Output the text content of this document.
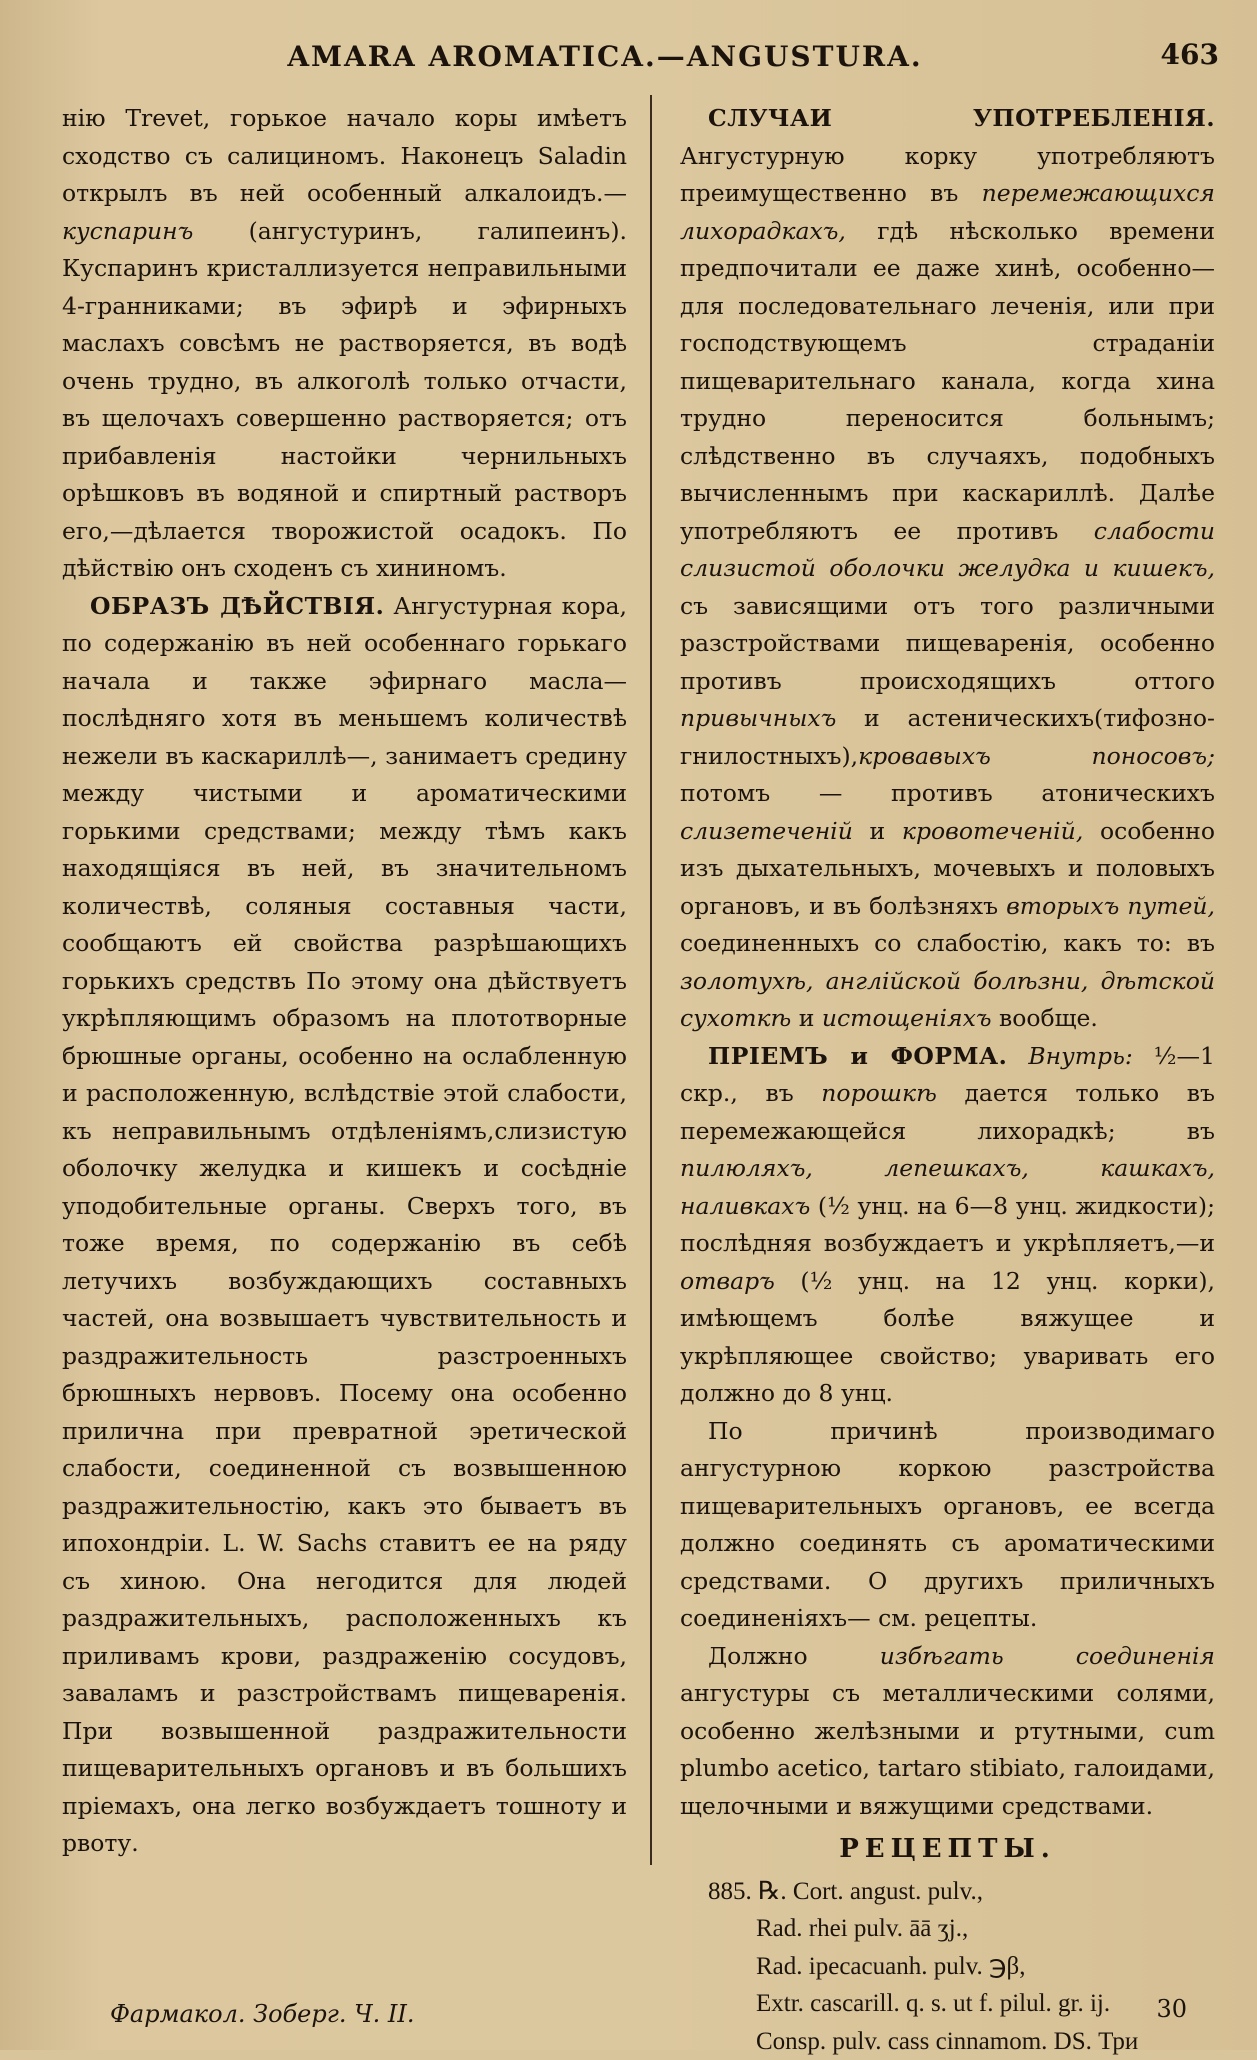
AMARA AROMATICA.—ANGUSTURA.	463

нію Trevet, горькое начало коры имѣетъ сходство съ салициномъ. Наконецъ Saladin открылъ въ ней особенный алкалоидъ.—куспаринъ (ангустуринъ, галипеинъ). Куспаринъ кристаллизуется неправильными 4-гранниками; въ эфирѣ и эфирныхъ маслахъ совсѣмъ не растворяется, въ водѣ очень трудно, въ алкоголѣ только отчасти, въ щелочахъ совершенно растворяется; отъ прибавленія настойки чернильныхъ орѣшковъ въ водяной и спиртный растворъ его,—дѣлается творожистой осадокъ. По дѣйствію онъ сходенъ съ хининомъ.

ОБРАЗЪ ДѢЙСТВІЯ. Ангустурная кора, по содержанію въ ней особеннаго горькаго начала и также эфирнаго масла— послѣдняго хотя въ меньшемъ количествѣ нежели въ каскариллѣ—, занимаетъ средину между чистыми и ароматическими горькими средствами; между тѣмъ какъ находящіяся въ ней, въ значительномъ количествѣ, соляныя составныя части, сообщаютъ ей свойства разрѣшающихъ горькихъ средствъ По этому она дѣйствуетъ укрѣпляющимъ образомъ на плототворные брюшные органы, особенно на ослабленную и расположенную, вслѣдствіе этой слабости, къ неправильнымъ отдѣленіямъ,слизистую оболочку желудка и кишекъ и сосѣдніе уподобительные органы. Сверхъ того, въ тоже время, по содержанію въ себѣ летучихъ возбуждающихъ составныхъ частей, она возвышаетъ чувствительность и раздражительность разстроенныхъ брюшныхъ нервовъ. Посему она особенно прилична при превратной эретической слабости, соединенной съ возвышенною раздражительностію, какъ это бываетъ въ ипохондріи. L. W. Sachs ставитъ ее на ряду съ хиною. Она негодится для людей раздражительныхъ, расположенныхъ къ приливамъ крови, раздраженію сосудовъ, заваламъ и разстройствамъ пищеваренія. При возвышенной раздражительности пищеварительныхъ органовъ и въ большихъ пріемахъ, она легко возбуждаетъ тошноту и рвоту.

СЛУЧАИ УПОТРЕБЛЕНІЯ. Ангустурную корку употребляютъ преимущественно въ перемежающихся лихорадкахъ, гдѣ нѣсколько времени предпочитали ее даже хинѣ, особенно—для последовательнаго леченія, или при господствующемъ страданіи пищеварительнаго канала, когда хина трудно переносится больнымъ; слѣдственно въ случаяхъ, подобныхъ вычисленнымъ при каскариллѣ. Далѣе употребляютъ ее противъ слабости слизистой оболочки желудка и кишекъ, съ зависящими отъ того различными разстройствами пищеваренія, особенно противъ происходящихъ оттого привычныхъ и астеническихъ(тифозно-гнилостныхъ),кровавыхъ поносовъ; потомъ — противъ атоническихъ слизетеченій и кровотеченій, особенно изъ дыхательныхъ, мочевыхъ и половыхъ органовъ, и въ болѣзняхъ вторыхъ путей, соединенныхъ со слабостію, какъ то: въ золотухѣ, англійской болѣзни, дѣтской сухоткѣ и истощеніяхъ вообще.

ПРІЕМЪ и ФОРМА. Внутрь: ½—1 скр., въ порошкѣ дается только въ перемежающейся лихорадкѣ; въ пилюляхъ, лепешкахъ, кашкахъ, наливкахъ (½ унц. на 6—8 унц. жидкости); послѣдняя возбуждаетъ и укрѣпляетъ,—и отваръ (½ унц. на 12 унц. корки), имѣющемъ болѣе вяжущее и укрѣпляющее свойство; уваривать его должно до 8 унц.

По причинѣ производимаго ангустурною коркою разстройства пищеварительныхъ органовъ, ее всегда должно соединять съ ароматическими средствами. О другихъ приличныхъ соединеніяхъ— см. рецепты.

Должно избѣгать соединенія ангустуры съ металлическими солями, особенно желѣзными и ртутными, cum plumbo acetico, tartaro stibiato, галоидами, щелочными и вяжущими средствами.

РЕЦЕПТЫ.

885. ℞. Cort. angust. pulv.,
Rad. rhei pulv. āā ʒj.,
Rad. ipecacuanh. pulv. ℈β,
Extr. cascarill. q. s. ut f. pilul. gr. ij.
Consp. pulv. cass cinnamom. DS. Три

Фармакол. Зоберг. Ч. II.	30
